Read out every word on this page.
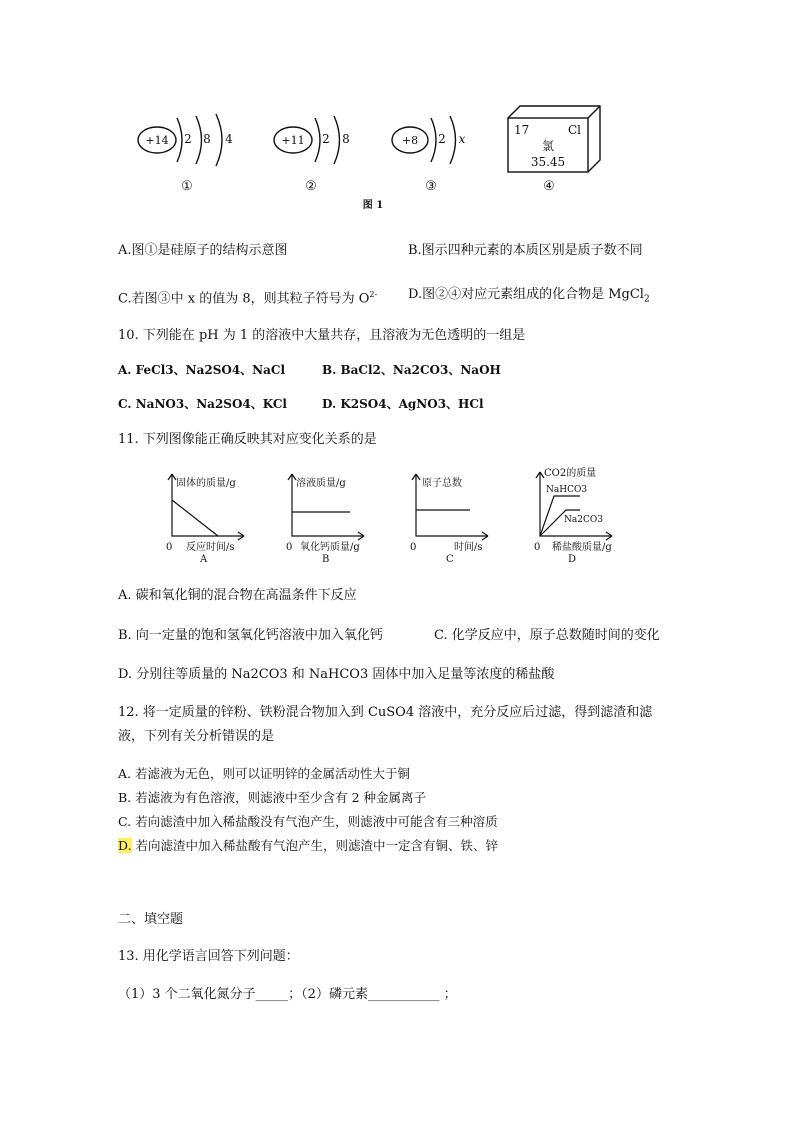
+14 2 8 4
①
+11 2 8
②
+8 2 x
③
17	Cl
氯
35.45
④
图 1
A.图①是硅原子的结构示意图	B.图示四种元素的本质区别是质子数不同
C.若图③中 x 的值为 8，则其粒子符号为 $O^{2-}$ D.图②④对应元素组成的化合物是 MgCl$_2$
10. 下列能在 pH 为 1 的溶液中大量共存，且溶液为无色透明的一组是
A. FeCl3、Na2SO4、NaCl	B. BaCl2、Na2CO3、NaOH
C. NaNO3、Na2SO4、KCl	D. K2SO4、AgNO3、HCl
11. 下列图像能正确反映其对应变化关系的是
固体的质量/g
0 反应时间/s
A
溶液质量/g
0 氧化钙质量/g
B
原子总数
0	时间/s
C
CO2的质量
NaHCO3
Na2CO3
0 稀盐酸质量/g
D
A. 碳和氧化铜的混合物在高温条件下反应
B. 向一定量的饱和氢氧化钙溶液中加入氧化钙	C. 化学反应中，原子总数随时间的变化
D. 分别往等质量的 Na2CO3 和 NaHCO3 固体中加入足量等浓度的稀盐酸
12. 将一定质量的锌粉、铁粉混合物加入到 CuSO4 溶液中，充分反应后过滤，得到滤渣和滤
液，下列有关分析错误的是
A. 若滤液为无色，则可以证明锌的金属活动性大于铜
B. 若滤液为有色溶液，则滤液中至少含有 2 种金属离子
C. 若向滤渣中加入稀盐酸没有气泡产生，则滤液中可能含有三种溶质
D. 若向滤渣中加入稀盐酸有气泡产生，则滤渣中一定含有铜、铁、锌
二、填空题
13. 用化学语言回答下列问题：
（1）3 个二氧化氮分子_____；（2）磷元素___________ ；
